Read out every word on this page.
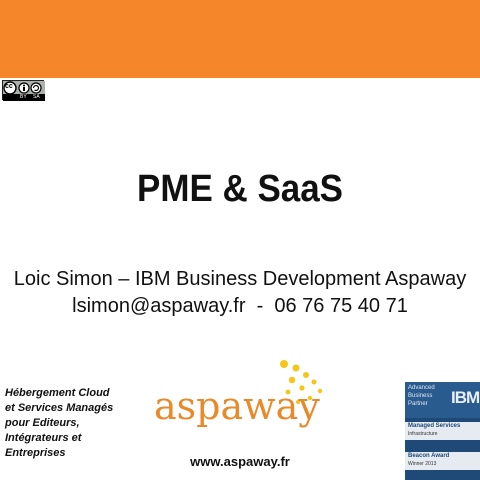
cc
BY SA
PME & SaaS
Loic Simon – IBM Business Development Aspaway
lsimon@aspaway.fr  -  06 76 75 40 71
Hébergement Cloud
et Services Managés
pour Editeurs,
Intégrateurs et
Entreprises
aspaway
www.aspaway.fr
Advanced
Business
Partner IBM
Managed Services
Infrastructure
Beacon Award
Winner 2013
